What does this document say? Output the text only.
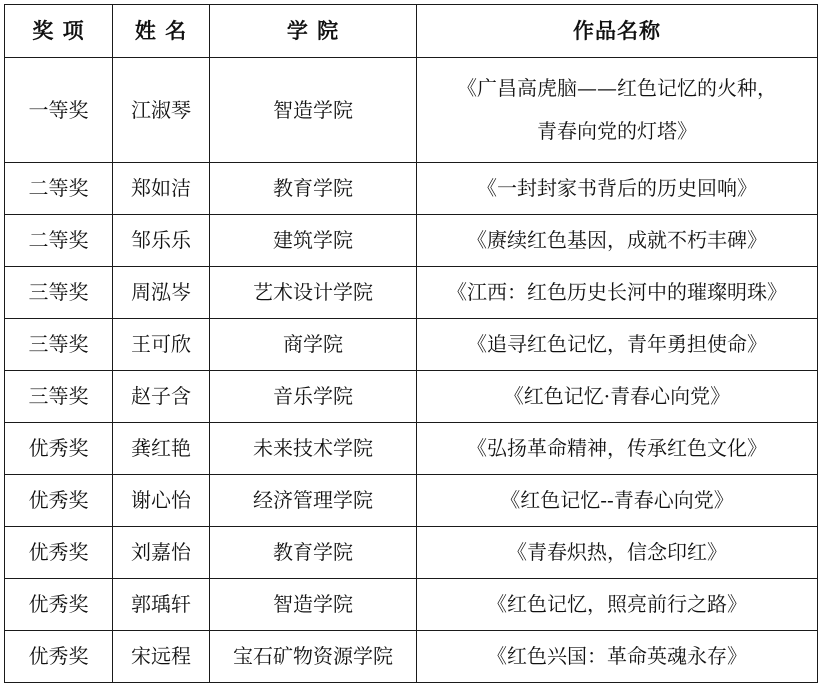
奖 项	姓 名	学 院	作品名称
一等奖	江淑琴	智造学院	《广昌高虎脑——红色记忆的火种，
青春向党的灯塔》

二等奖	郑如洁	教育学院	《一封封家书背后的历史回响》
二等奖	邹乐乐	建筑学院	《赓续红色基因，成就不朽丰碑》
三等奖	周泓岑	艺术设计学院	《江西：红色历史长河中的璀璨明珠》
三等奖	王可欣	商学院	《追寻红色记忆，青年勇担使命》
三等奖	赵子含	音乐学院	《红色记忆·青春心向党》
优秀奖	龚红艳	未来技术学院	《弘扬革命精神，传承红色文化》
优秀奖	谢心怡	经济管理学院	《红色记忆--青春心向党》
优秀奖	刘嘉怡	教育学院	《青春炽热，信念印红》
优秀奖	郭瑀轩	智造学院	《红色记忆，照亮前行之路》
优秀奖	宋远程	宝石矿物资源学院	《红色兴国：革命英魂永存》
